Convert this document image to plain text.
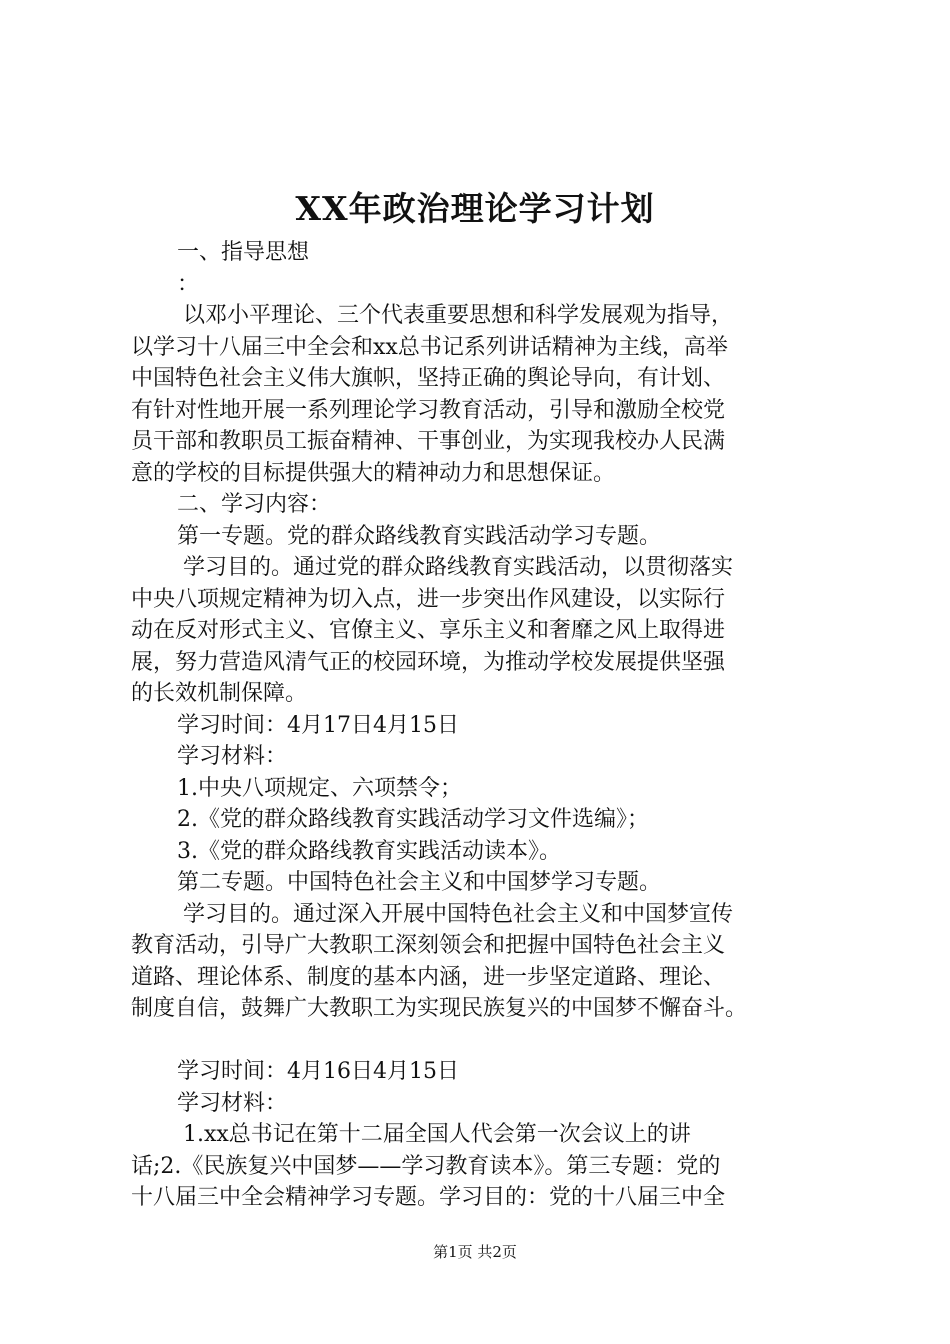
XX年政治理论学习计划
一、指导思想
：
以邓小平理论、三个代表重要思想和科学发展观为指导，
以学习十八届三中全会和xx总书记系列讲话精神为主线，高举
中国特色社会主义伟大旗帜，坚持正确的舆论导向，有计划、
有针对性地开展一系列理论学习教育活动，引导和激励全校党
员干部和教职员工振奋精神、干事创业，为实现我校办人民满
意的学校的目标提供强大的精神动力和思想保证。
二、学习内容：
第一专题。党的群众路线教育实践活动学习专题。
学习目的。通过党的群众路线教育实践活动，以贯彻落实
中央八项规定精神为切入点，进一步突出作风建设，以实际行
动在反对形式主义、官僚主义、享乐主义和奢靡之风上取得进
展，努力营造风清气正的校园环境，为推动学校发展提供坚强
的长效机制保障。
学习时间：4月17日4月15日
学习材料：
1.中央八项规定、六项禁令；
2.《党的群众路线教育实践活动学习文件选编》；
3.《党的群众路线教育实践活动读本》。
第二专题。中国特色社会主义和中国梦学习专题。
学习目的。通过深入开展中国特色社会主义和中国梦宣传
教育活动，引导广大教职工深刻领会和把握中国特色社会主义
道路、理论体系、制度的基本内涵，进一步坚定道路、理论、
制度自信，鼓舞广大教职工为实现民族复兴的中国梦不懈奋斗。
学习时间：4月16日4月15日
学习材料：
1.xx总书记在第十二届全国人代会第一次会议上的讲
话;2.《民族复兴中国梦——学习教育读本》。第三专题：党的
十八届三中全会精神学习专题。学习目的：党的十八届三中全
第1页 共2页
